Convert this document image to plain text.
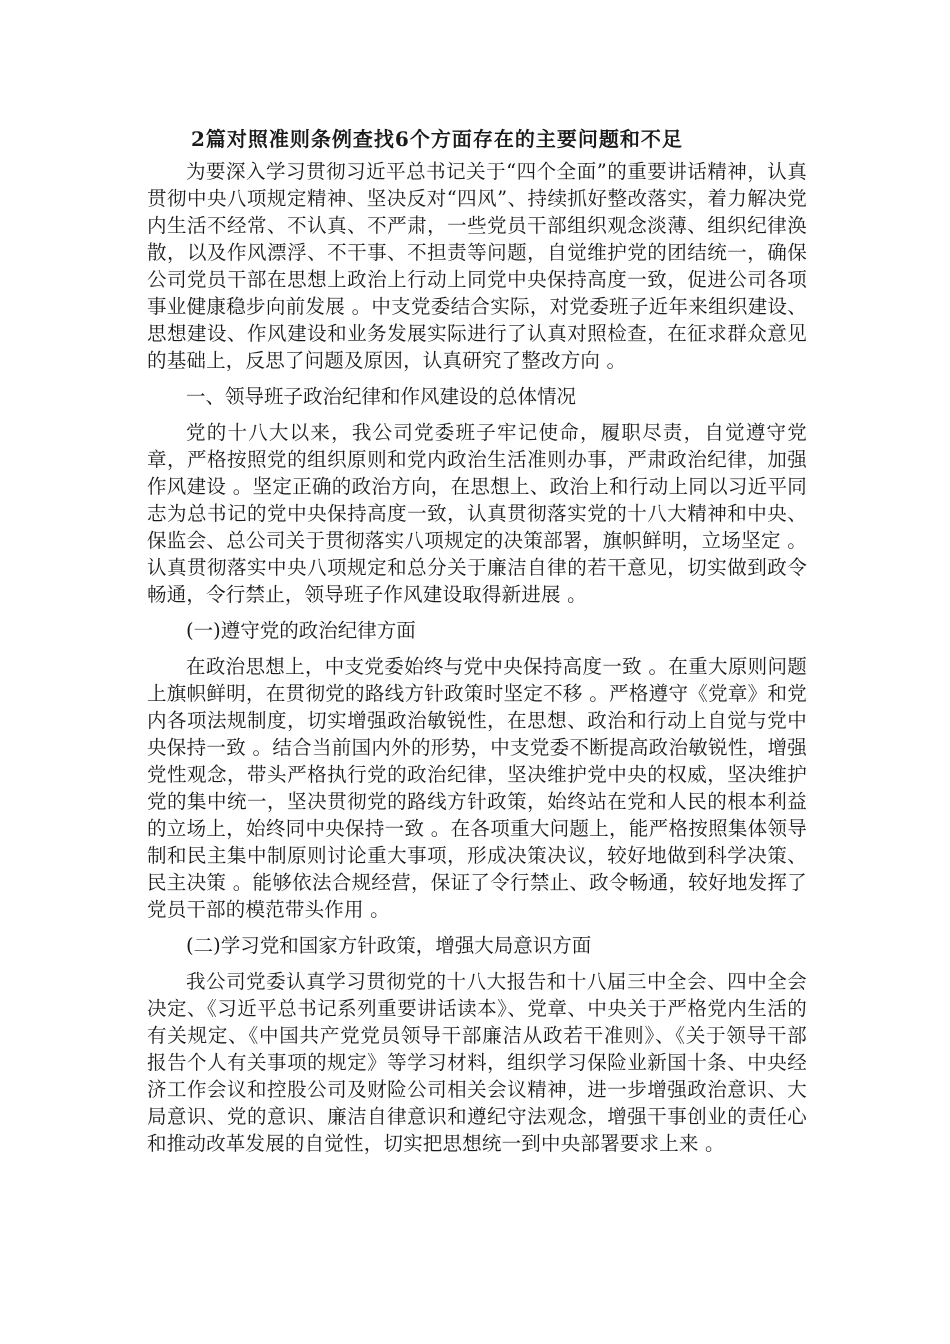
2篇对照准则条例查找6个方面存在的主要问题和不足

为要深入学习贯彻习近平总书记关于“四个全面”的重要讲话精神，认真贯彻中央八项规定精神、坚决反对“四风”、持续抓好整改落实，着力解决党内生活不经常、不认真、不严肃，一些党员干部组织观念淡薄、组织纪律涣散，以及作风漂浮、不干事、不担责等问题，自觉维护党的团结统一，确保公司党员干部在思想上政治上行动上同党中央保持高度一致，促进公司各项事业健康稳步向前发展 。中支党委结合实际，对党委班子近年来组织建设、思想建设、作风建设和业务发展实际进行了认真对照检查，在征求群众意见的基础上，反思了问题及原因，认真研究了整改方向 。

一、领导班子政治纪律和作风建设的总体情况

党的十八大以来，我公司党委班子牢记使命，履职尽责，自觉遵守党章，严格按照党的组织原则和党内政治生活准则办事，严肃政治纪律，加强作风建设 。坚定正确的政治方向，在思想上、政治上和行动上同以习近平同志为总书记的党中央保持高度一致，认真贯彻落实党的十八大精神和中央、保监会、总公司关于贯彻落实八项规定的决策部署，旗帜鲜明，立场坚定 。认真贯彻落实中央八项规定和总分关于廉洁自律的若干意见，切实做到政令畅通，令行禁止，领导班子作风建设取得新进展 。

(一)遵守党的政治纪律方面

在政治思想上，中支党委始终与党中央保持高度一致 。在重大原则问题上旗帜鲜明，在贯彻党的路线方针政策时坚定不移 。严格遵守《党章》和党内各项法规制度，切实增强政治敏锐性，在思想、政治和行动上自觉与党中央保持一致 。结合当前国内外的形势，中支党委不断提高政治敏锐性，增强党性观念，带头严格执行党的政治纪律，坚决维护党中央的权威，坚决维护党的集中统一，坚决贯彻党的路线方针政策，始终站在党和人民的根本利益的立场上，始终同中央保持一致 。在各项重大问题上，能严格按照集体领导制和民主集中制原则讨论重大事项，形成决策决议，较好地做到科学决策、民主决策 。能够依法合规经营，保证了令行禁止、政令畅通，较好地发挥了党员干部的模范带头作用 。

(二)学习党和国家方针政策，增强大局意识方面

我公司党委认真学习贯彻党的十八大报告和十八届三中全会、四中全会决定、《习近平总书记系列重要讲话读本》、党章、中央关于严格党内生活的有关规定、《中国共产党党员领导干部廉洁从政若干准则》、《关于领导干部报告个人有关事项的规定》等学习材料，组织学习保险业新国十条、中央经济工作会议和控股公司及财险公司相关会议精神，进一步增强政治意识、大局意识、党的意识、廉洁自律意识和遵纪守法观念，增强干事创业的责任心和推动改革发展的自觉性，切实把思想统一到中央部署要求上来 。
